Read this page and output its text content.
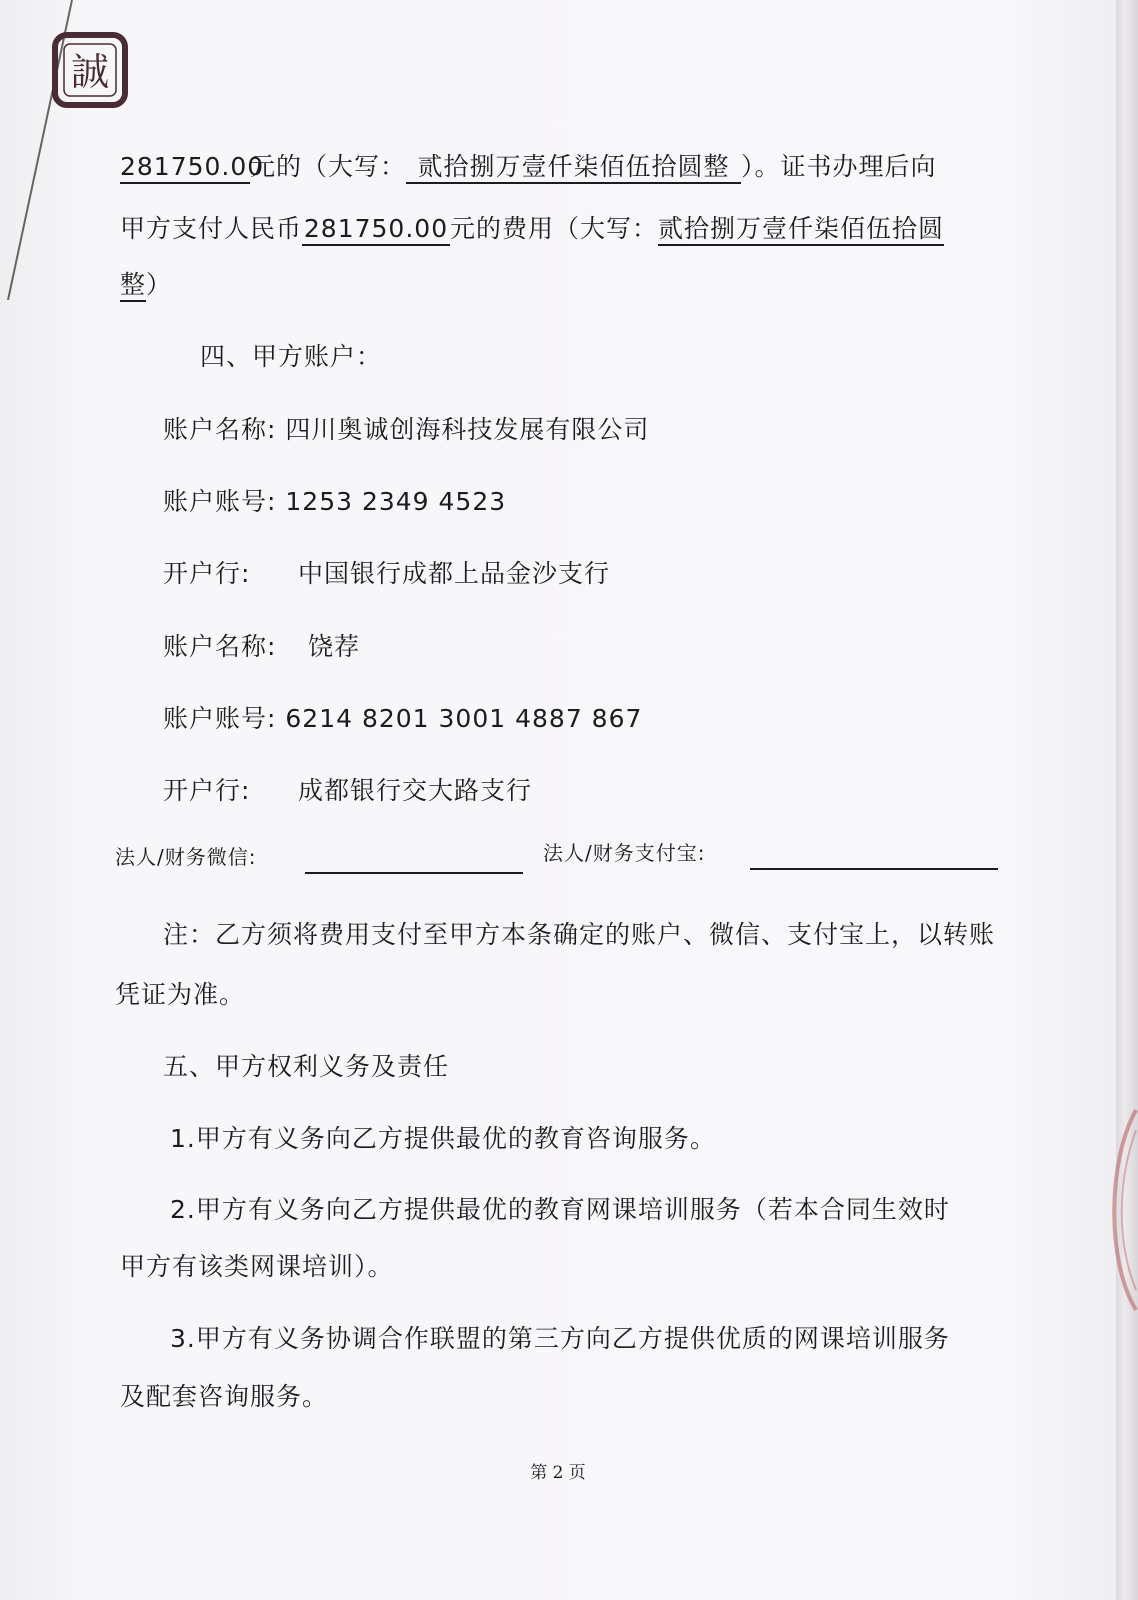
誠
281750.00元的（大写： 贰拾捌万壹仟柒佰伍拾圆整 ）。证书办理后向
甲方支付人民币281750.00元的费用（大写：贰拾捌万壹仟柒佰伍拾圆
整）
四、甲方账户：
账户名称: 四川奥诚创海科技发展有限公司
账户账号: 1253 2349 4523
开户行: 中国银行成都上品金沙支行
账户名称: 饶荐
账户账号: 6214 8201 3001 4887 867
开户行: 成都银行交大路支行
法人/财务微信:	法人/财务支付宝:
注：乙方须将费用支付至甲方本条确定的账户、微信、支付宝上，以转账
凭证为准。
五、甲方权利义务及责任
1.甲方有义务向乙方提供最优的教育咨询服务。
2.甲方有义务向乙方提供最优的教育网课培训服务（若本合同生效时
甲方有该类网课培训）。
3.甲方有义务协调合作联盟的第三方向乙方提供优质的网课培训服务
及配套咨询服务。
第 2 页
